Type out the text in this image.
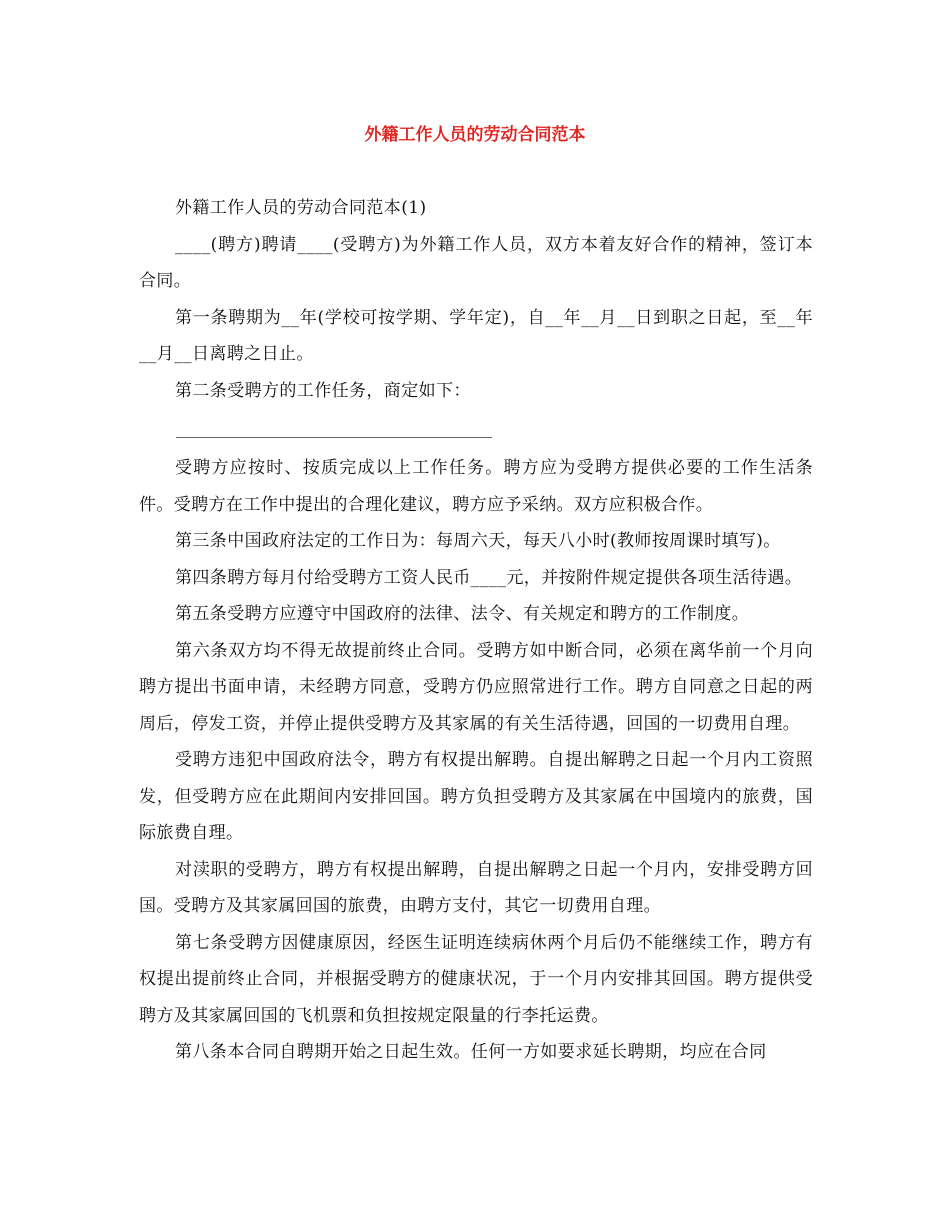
外籍工作人员的劳动合同范本

外籍工作人员的劳动合同范本(1)

____(聘方)聘请____(受聘方)为外籍工作人员，双方本着友好合作的精神，签订本合同。

第一条聘期为__年(学校可按学期、学年定)，自__年__月__日到职之日起，至__年__月__日离聘之日止。

第二条受聘方的工作任务，商定如下：

受聘方应按时、按质完成以上工作任务。聘方应为受聘方提供必要的工作生活条件。受聘方在工作中提出的合理化建议，聘方应予采纳。双方应积极合作。

第三条中国政府法定的工作日为：每周六天，每天八小时(教师按周课时填写)。

第四条聘方每月付给受聘方工资人民币____元，并按附件规定提供各项生活待遇。

第五条受聘方应遵守中国政府的法律、法令、有关规定和聘方的工作制度。

第六条双方均不得无故提前终止合同。受聘方如中断合同，必须在离华前一个月向聘方提出书面申请，未经聘方同意，受聘方仍应照常进行工作。聘方自同意之日起的两周后，停发工资，并停止提供受聘方及其家属的有关生活待遇，回国的一切费用自理。

受聘方违犯中国政府法令，聘方有权提出解聘。自提出解聘之日起一个月内工资照发，但受聘方应在此期间内安排回国。聘方负担受聘方及其家属在中国境内的旅费，国际旅费自理。

对渎职的受聘方，聘方有权提出解聘，自提出解聘之日起一个月内，安排受聘方回国。受聘方及其家属回国的旅费，由聘方支付，其它一切费用自理。

第七条受聘方因健康原因，经医生证明连续病休两个月后仍不能继续工作，聘方有权提出提前终止合同，并根据受聘方的健康状况，于一个月内安排其回国。聘方提供受聘方及其家属回国的飞机票和负担按规定限量的行李托运费。

第八条本合同自聘期开始之日起生效。任何一方如要求延长聘期，均应在合同
